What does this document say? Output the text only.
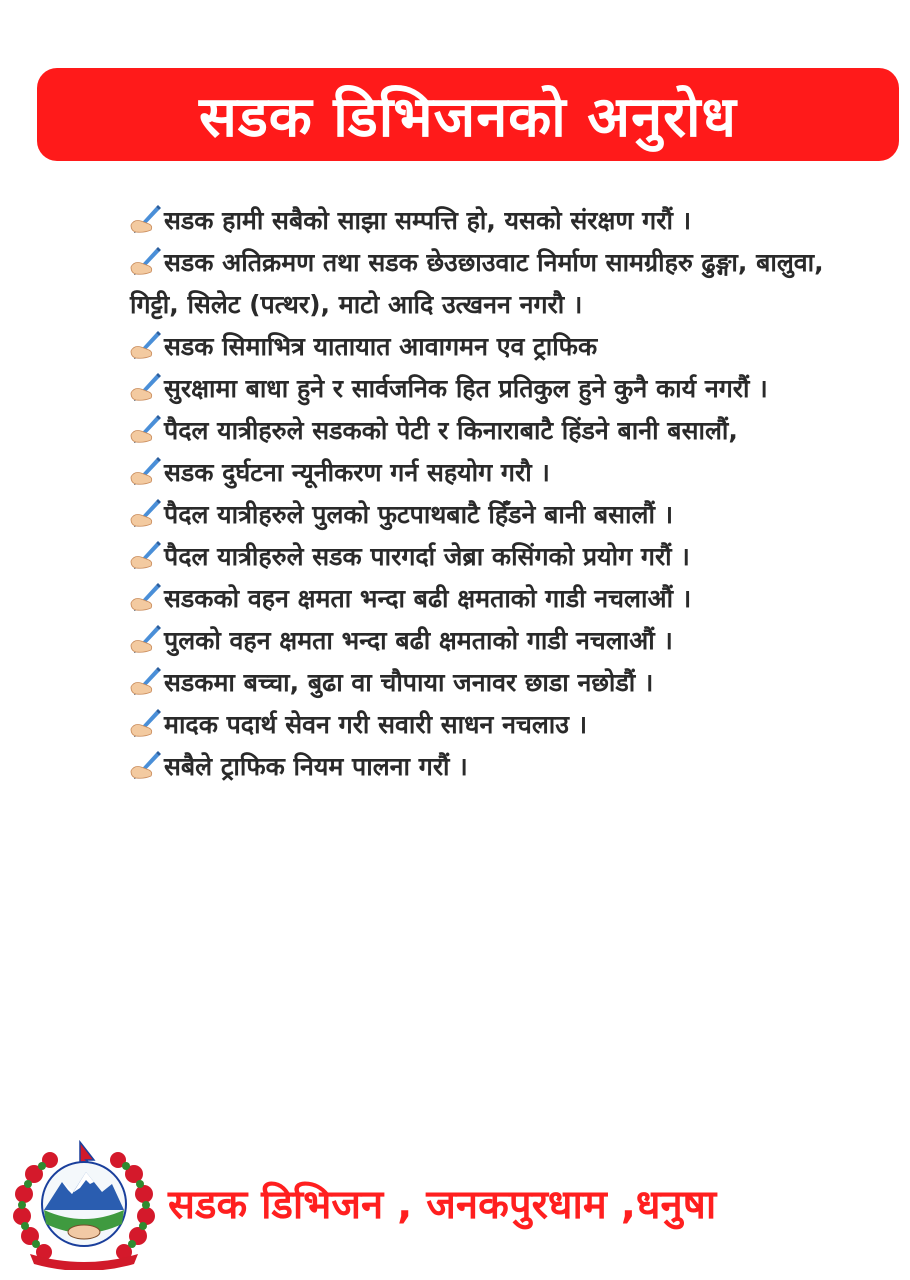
सडक डिभिजनको अनुरोध

सडक हामी सबैको साझा सम्पत्ति हो, यसको संरक्षण गरौं ।

सडक अतिक्रमण तथा सडक छेउछाउवाट निर्माण सामग्रीहरु ढुङ्गा, बालुवा, गिट्टी, सिलेट (पत्थर), माटो आदि उत्खनन नगरौ ।

सडक सिमाभित्र यातायात आवागमन एव ट्राफिक

सुरक्षामा बाधा हुने र सार्वजनिक हित प्रतिकुल हुने कुनै कार्य नगरौं ।

पैदल यात्रीहरुले सडकको पेटी र किनाराबाटै हिंडने बानी बसालौं,

सडक दुर्घटना न्यूनीकरण गर्न सहयोग गरौ ।

पैदल यात्रीहरुले पुलको फुटपाथबाटै हिँडने बानी बसालौं ।

पैदल यात्रीहरुले सडक पारगर्दा जेब्रा कसिंगको प्रयोग गरौं ।

सडकको वहन क्षमता भन्दा बढी क्षमताको गाडी नचलाऔं ।

पुलको वहन क्षमता भन्दा बढी क्षमताको गाडी नचलाऔं ।

सडकमा बच्चा, बुढा वा चौपाया जनावर छाडा नछोडौं ।

मादक पदार्थ सेवन गरी सवारी साधन नचलाउ ।

सबैले ट्राफिक नियम पालना गरौं ।

सडक डिभिजन , जनकपुरधाम ,धनुषा
